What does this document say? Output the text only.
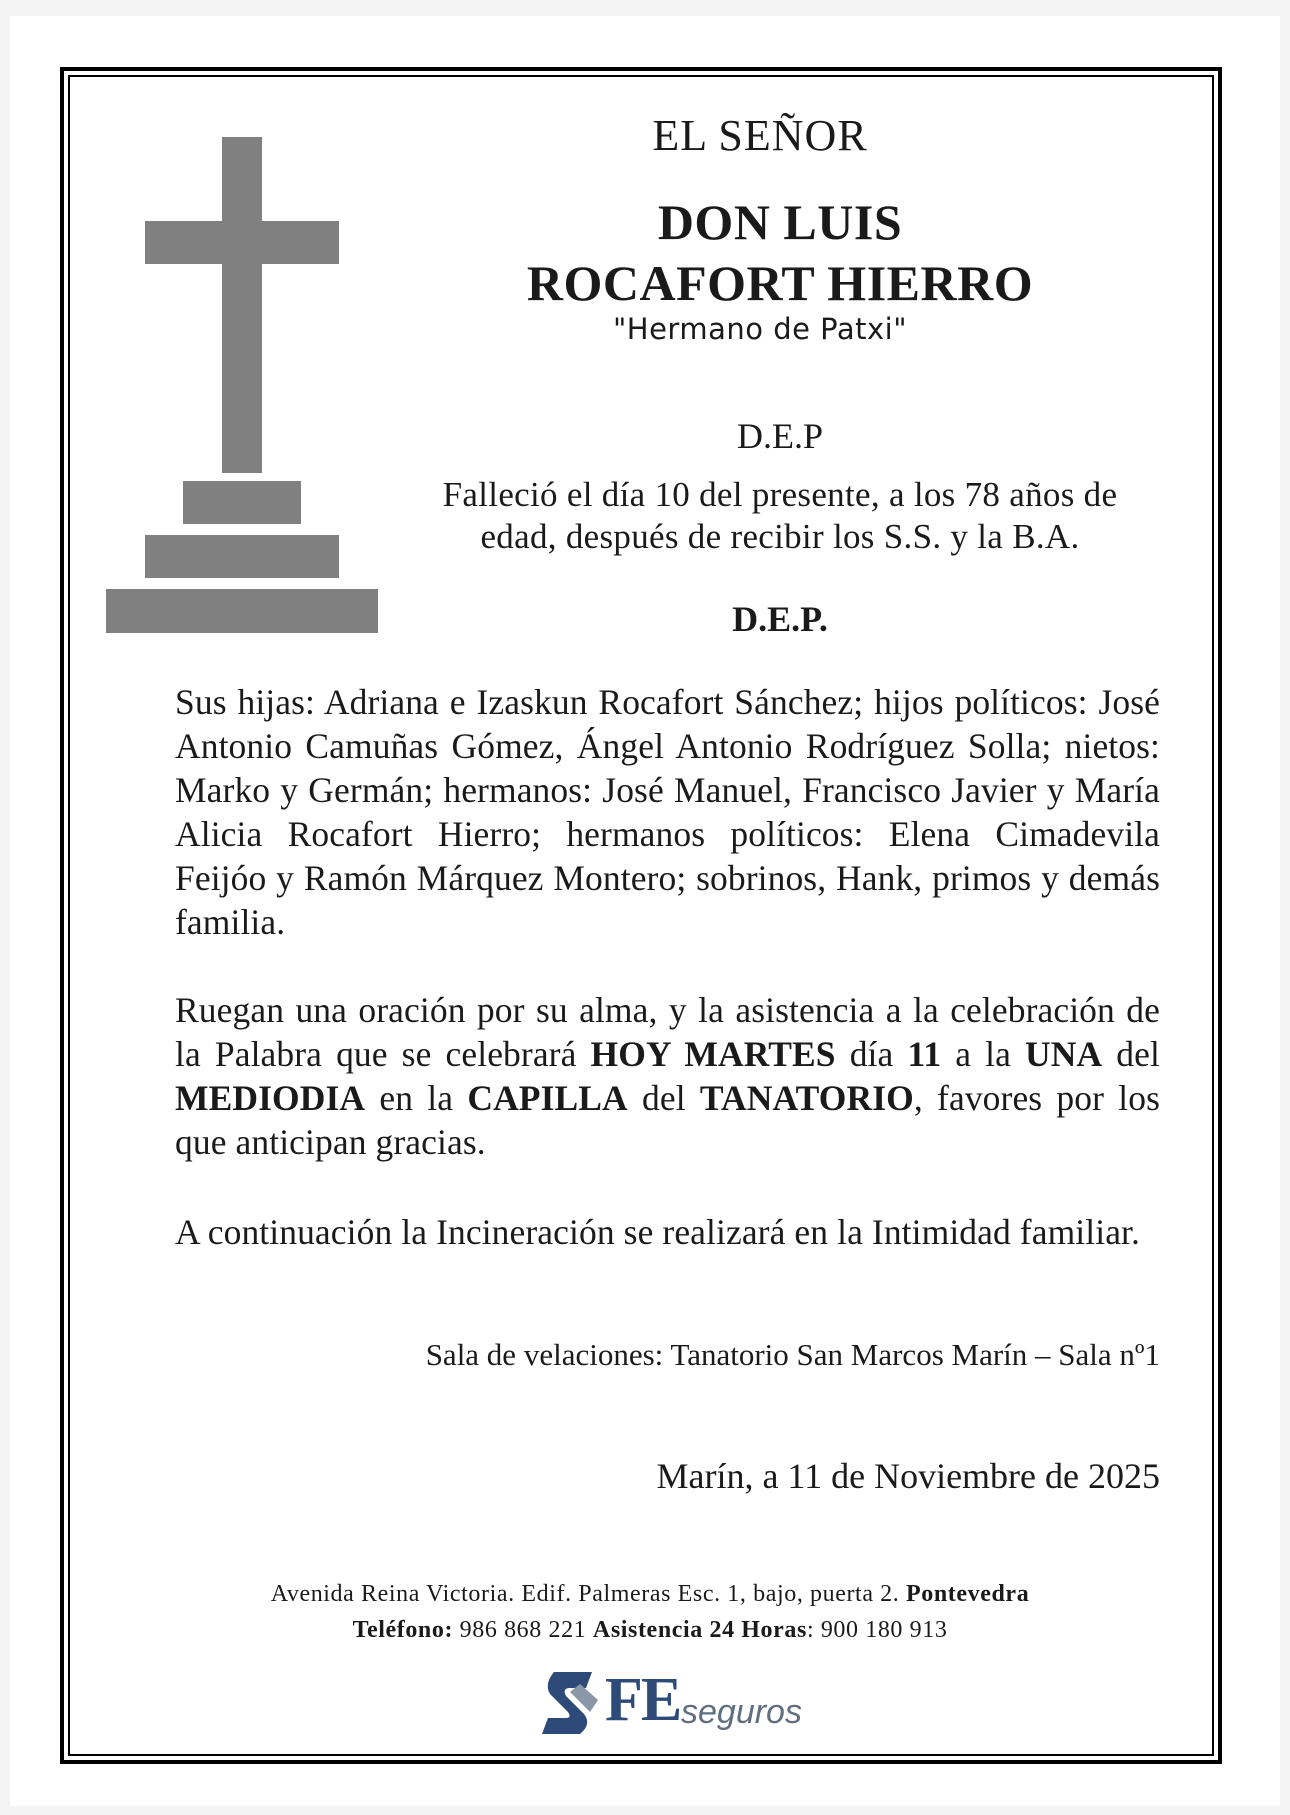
EL SEÑOR
DON LUIS
ROCAFORT HIERRO
"Hermano de Patxi"
D.E.P
Falleció el día 10 del presente, a los 78 años de
edad, después de recibir los S.S. y la B.A.
D.E.P.
Sus hijas: Adriana e Izaskun Rocafort Sánchez; hijos políticos: José Antonio Camuñas Gómez, Ángel Antonio Rodríguez Solla; nietos: Marko y Germán; hermanos: José Manuel, Francisco Javier y María Alicia Rocafort Hierro; hermanos políticos: Elena Cimadevila Feijóo y Ramón Márquez Montero; sobrinos, Hank, primos y demás familia.
Ruegan una oración por su alma, y la asistencia a la celebración de la Palabra que se celebrará HOY MARTES día 11 a la UNA del MEDIODIA en la CAPILLA del TANATORIO, favores por los que anticipan gracias.
A continuación la Incineración se realizará en la Intimidad familiar.
Sala de velaciones: Tanatorio San Marcos Marín – Sala nº1
Marín, a 11 de Noviembre de 2025
Avenida Reina Victoria. Edif. Palmeras Esc. 1, bajo, puerta 2. Pontevedra
Teléfono: 986 868 221 Asistencia 24 Horas: 900 180 913
FE seguros
